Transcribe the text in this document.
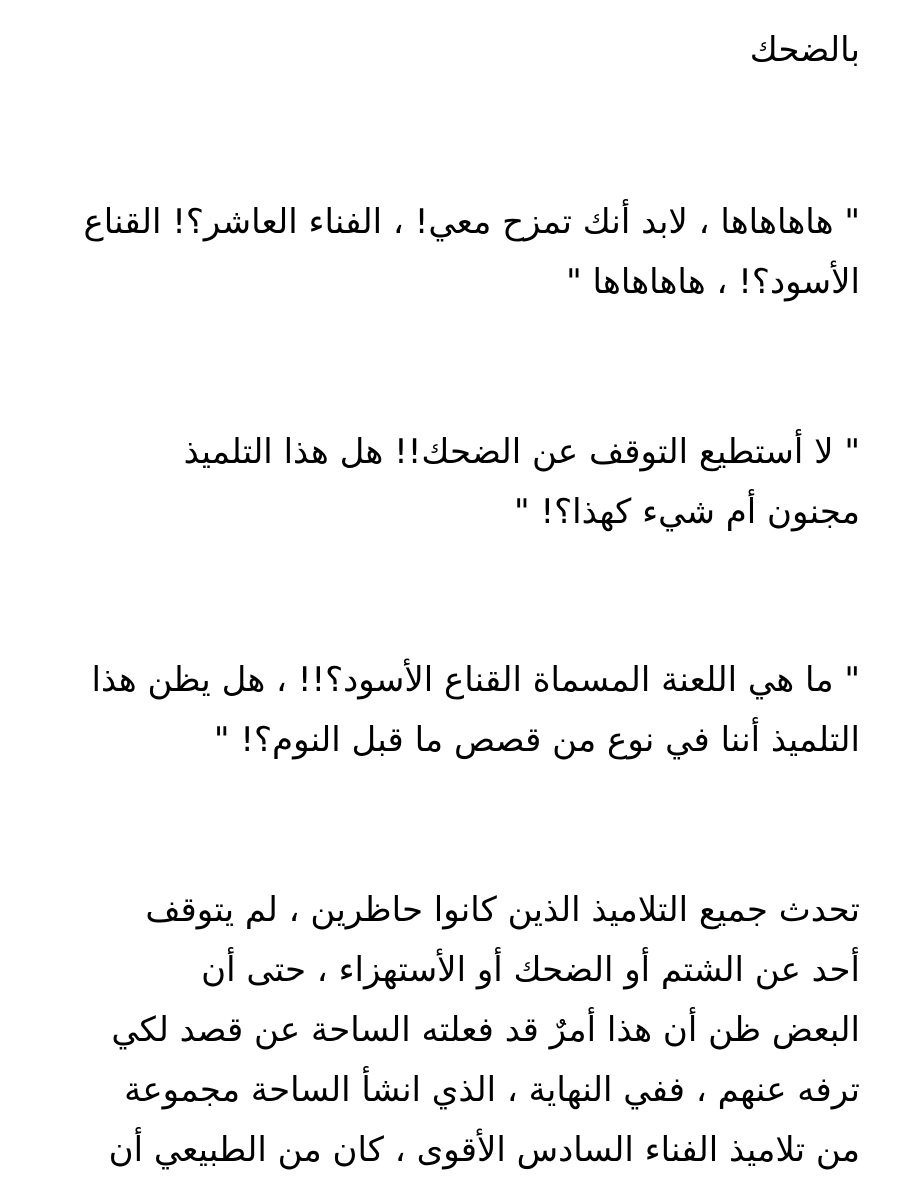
بالضحك
" هاهاهاها ، لابد أنك تمزح معي! ، الفناء العاشر؟! القناع
الأسود؟! ، هاهاهاها "
" لا أستطيع التوقف عن الضحك!! هل هذا التلميذ
مجنون أم شيء كهذا؟! "
" ما هي اللعنة المسماة القناع الأسود؟!! ، هل يظن هذا
التلميذ أننا في نوع من قصص ما قبل النوم؟! "
تحدث جميع التلاميذ الذين كانوا حاظرين ، لم يتوقف
أحد عن الشتم أو الضحك أو الأستهزاء ، حتى أن
البعض ظن أن هذا أمرٌ قد فعلته الساحة عن قصد لكي
ترفه عنهم ، ففي النهاية ، الذي انشأ الساحة مجموعة
من تلاميذ الفناء السادس الأقوى ، كان من الطبيعي أن
